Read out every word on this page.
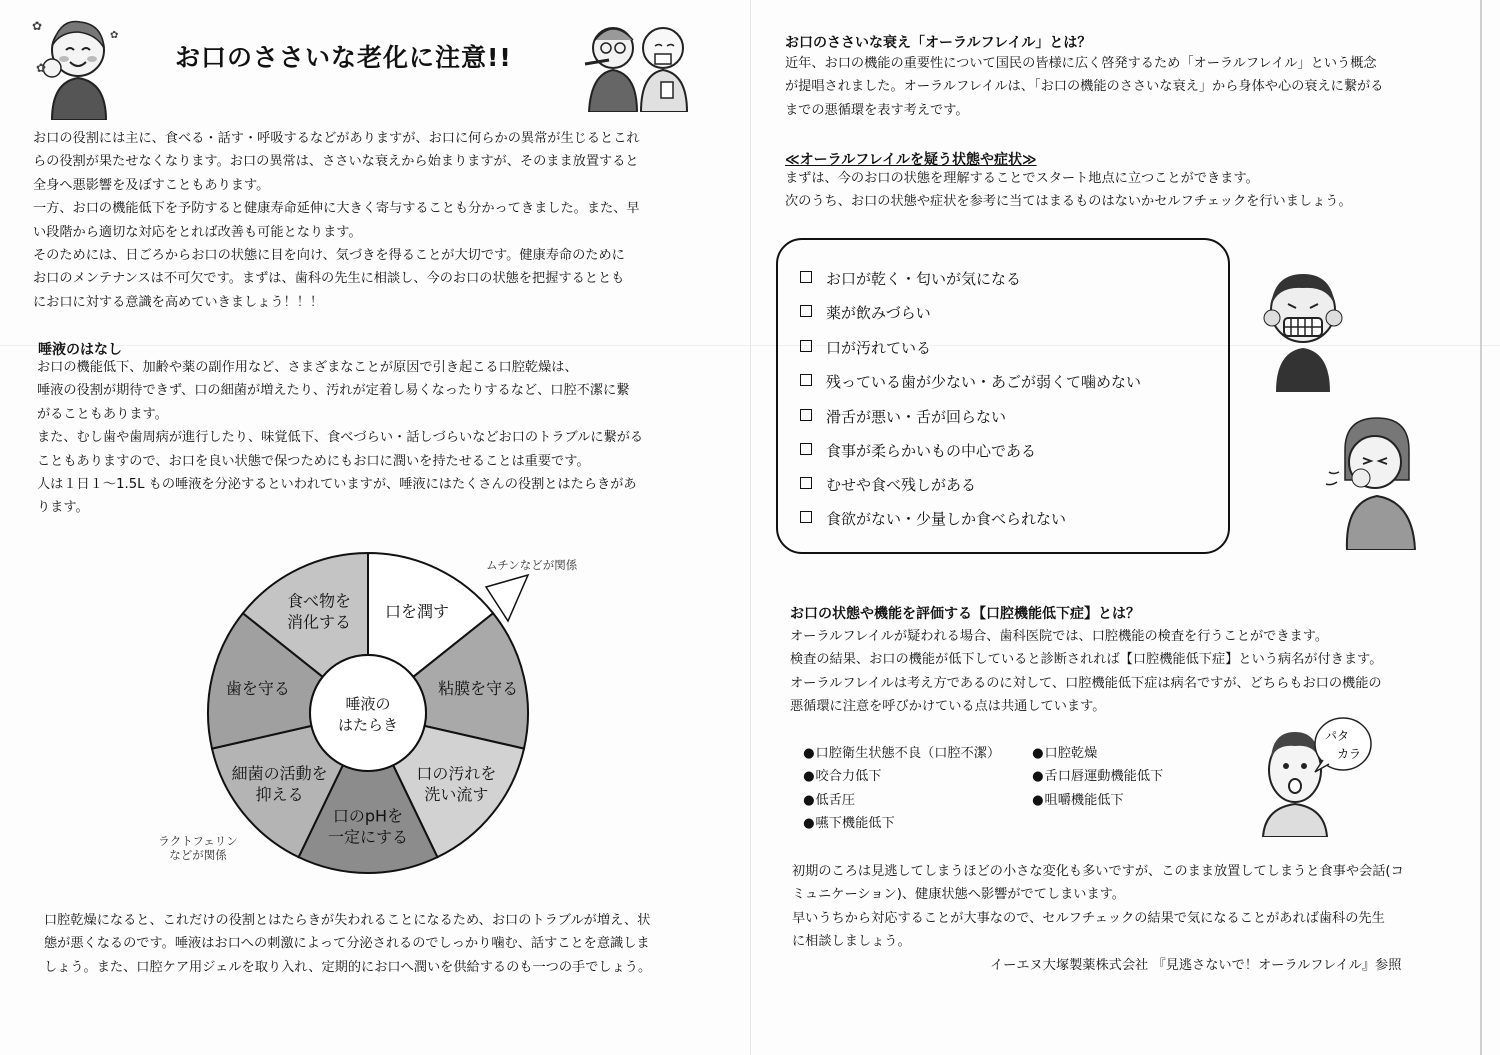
✿
✿
✿
お口のささいな老化に注意!!
お口の役割には主に、食べる・話す・呼吸するなどがありますが、お口に何らかの異常が生じるとこれ
らの役割が果たせなくなります。お口の異常は、ささいな衰えから始まりますが、そのまま放置すると
全身へ悪影響を及ぼすこともあります。
一方、お口の機能低下を予防すると健康寿命延伸に大きく寄与することも分かってきました。また、早
い段階から適切な対応をとれば改善も可能となります。
そのためには、日ごろからお口の状態に目を向け、気づきを得ることが大切です。健康寿命のために
お口のメンテナンスは不可欠です。まずは、歯科の先生に相談し、今のお口の状態を把握するととも
にお口に対する意識を高めていきましょう！！！
唾液のはなし
お口の機能低下、加齢や薬の副作用など、さまざまなことが原因で引き起こる口腔乾燥は、
唾液の役割が期待できず、口の細菌が増えたり、汚れが定着し易くなったりするなど、口腔不潔に繋
がることもあります。
また、むし歯や歯周病が進行したり、味覚低下、食べづらい・話しづらいなどお口のトラブルに繋がる
こともありますので、お口を良い状態で保つためにもお口に潤いを持たせることは重要です。
人は１日１～1.5L もの唾液を分泌するといわれていますが、唾液にはたくさんの役割とはたらきがあ
ります。
口を潤す
粘膜を守る
口の汚れを
洗い流す
口のpHを
一定にする
細菌の活動を
抑える
歯を守る
食べ物を
消化する
唾液の
はたらき
ムチンなどが関係
ラクトフェリン
などが関係
口腔乾燥になると、これだけの役割とはたらきが失われることになるため、お口のトラブルが増え、状
態が悪くなるのです。唾液はお口への刺激によって分泌されるのでしっかり噛む、話すことを意識しま
しょう。また、口腔ケア用ジェルを取り入れ、定期的にお口へ潤いを供給するのも一つの手でしょう。
お口のささいな衰え「オーラルフレイル」とは？
近年、お口の機能の重要性について国民の皆様に広く啓発するため「オーラルフレイル」という概念
が提唱されました。オーラルフレイルは、「お口の機能のささいな衰え」から身体や心の衰えに繋がる
までの悪循環を表す考えです。
≪オーラルフレイルを疑う状態や症状≫
まずは、今のお口の状態を理解することでスタート地点に立つことができます。
次のうち、お口の状態や症状を参考に当てはまるものはないかセルフチェックを行いましょう。
お口が乾く・匂いが気になる
薬が飲みづらい
口が汚れている
残っている歯が少ない・あごが弱くて噛めない
滑舌が悪い・舌が回らない
食事が柔らかいもの中心である
むせや食べ残しがある
食欲がない・少量しか食べられない
お口の状態や機能を評価する【口腔機能低下症】とは？
オーラルフレイルが疑われる場合、歯科医院では、口腔機能の検査を行うことができます。
検査の結果、お口の機能が低下していると診断されれば【口腔機能低下症】という病名が付きます。
オーラルフレイルは考え方であるのに対して、口腔機能低下症は病名ですが、どちらもお口の機能の
悪循環に注意を呼びかけている点は共通しています。
● 口腔衛生状態不良（口腔不潔）
● 咬合力低下
● 低舌圧
● 嚥下機能低下
● 口腔乾燥
● 舌口唇運動機能低下
● 咀嚼機能低下
パタ
カラ
初期のころは見逃してしまうほどの小さな変化も多いですが、このまま放置してしまうと食事や会話(コ
ミュニケーション)、健康状態へ影響がでてしまいます。
早いうちから対応することが大事なので、セルフチェックの結果で気になることがあれば歯科の先生
に相談しましょう。
イーエヌ大塚製薬株式会社 『見逃さないで！オーラルフレイル』参照
